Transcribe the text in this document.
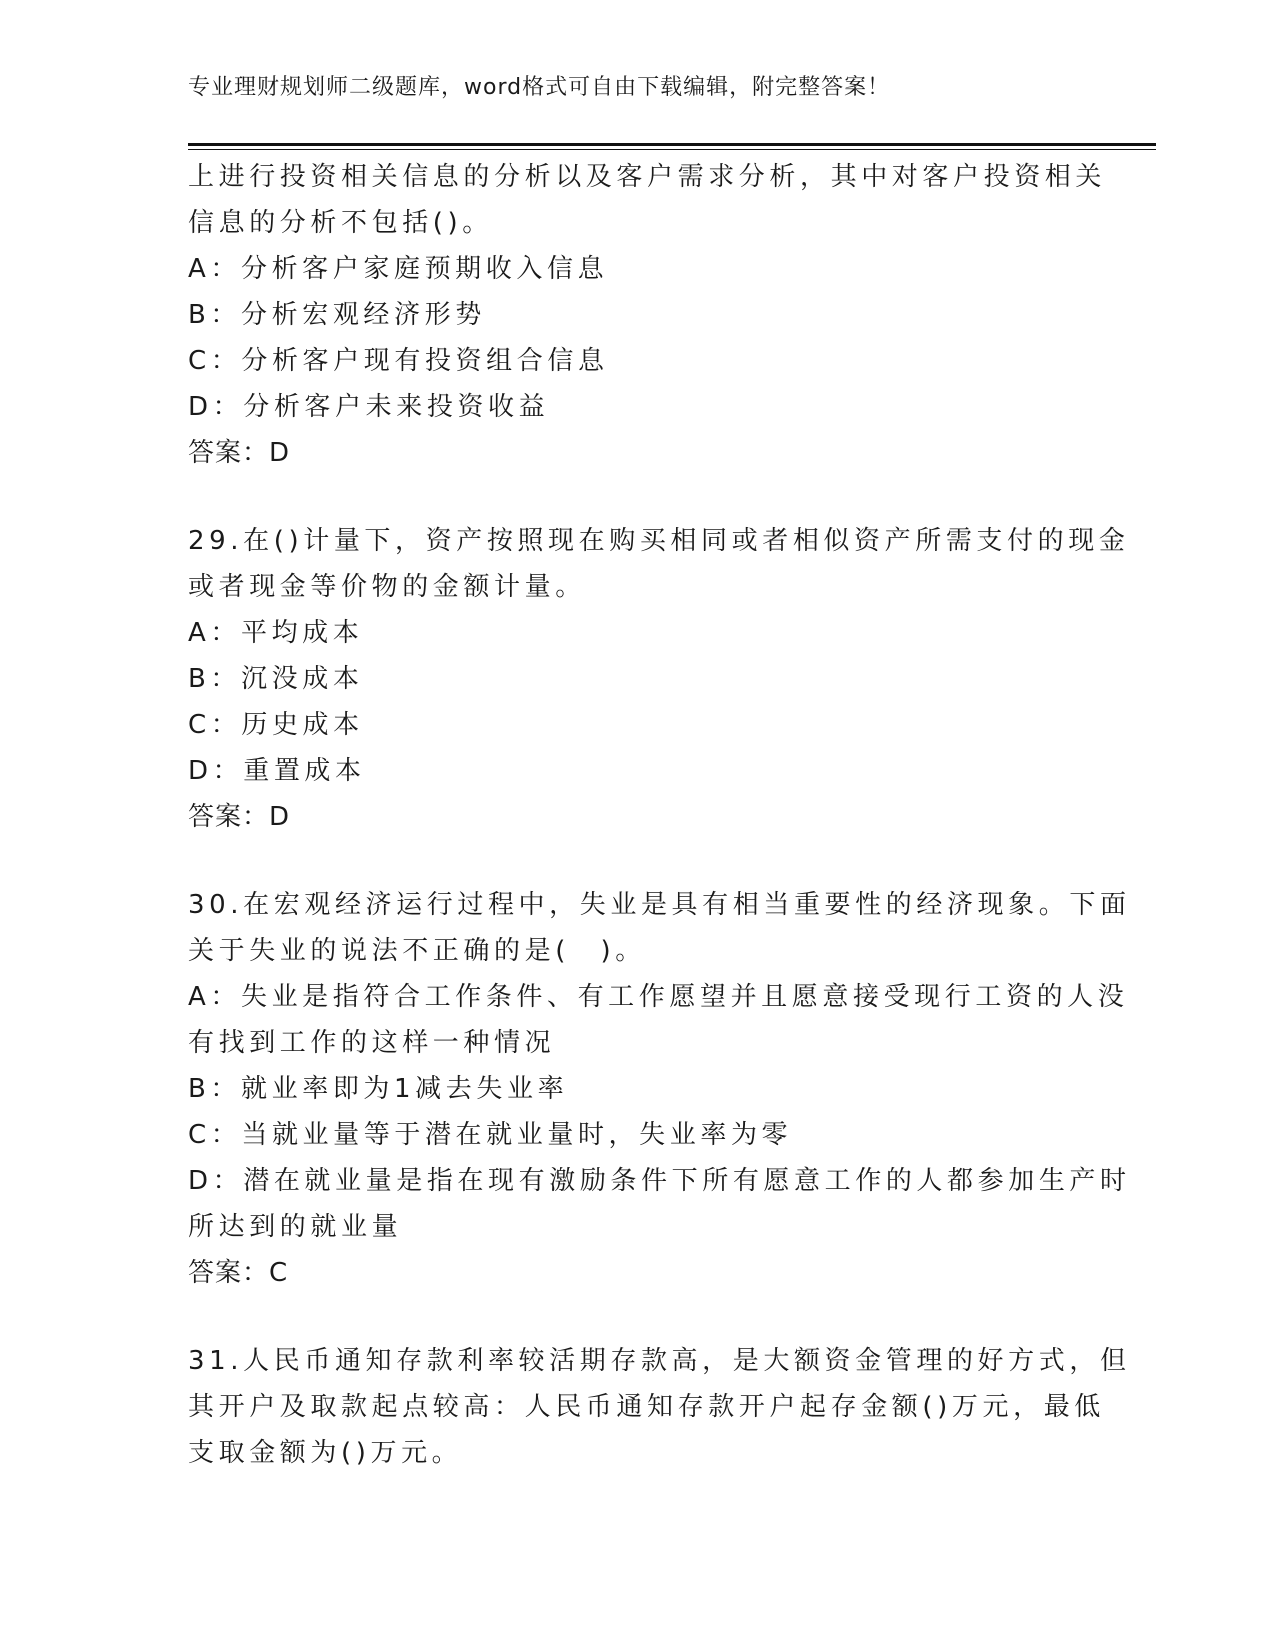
专业理财规划师二级题库，word格式可自由下载编辑，附完整答案！

上进行投资相关信息的分析以及客户需求分析，其中对客户投资相关

信息的分析不包括()。

A：分析客户家庭预期收入信息

B：分析宏观经济形势

C：分析客户现有投资组合信息

D：分析客户未来投资收益

答案：D

29.在()计量下，资产按照现在购买相同或者相似资产所需支付的现金

或者现金等价物的金额计量。

A：平均成本

B：沉没成本

C：历史成本

D：重置成本

答案：D

30.在宏观经济运行过程中，失业是具有相当重要性的经济现象。下面

关于失业的说法不正确的是(　)。

A：失业是指符合工作条件、有工作愿望并且愿意接受现行工资的人没

有找到工作的这样一种情况

B：就业率即为1减去失业率

C：当就业量等于潜在就业量时，失业率为零

D：潜在就业量是指在现有激励条件下所有愿意工作的人都参加生产时

所达到的就业量

答案：C

31.人民币通知存款利率较活期存款高，是大额资金管理的好方式，但

其开户及取款起点较高：人民币通知存款开户起存金额()万元，最低

支取金额为()万元。
